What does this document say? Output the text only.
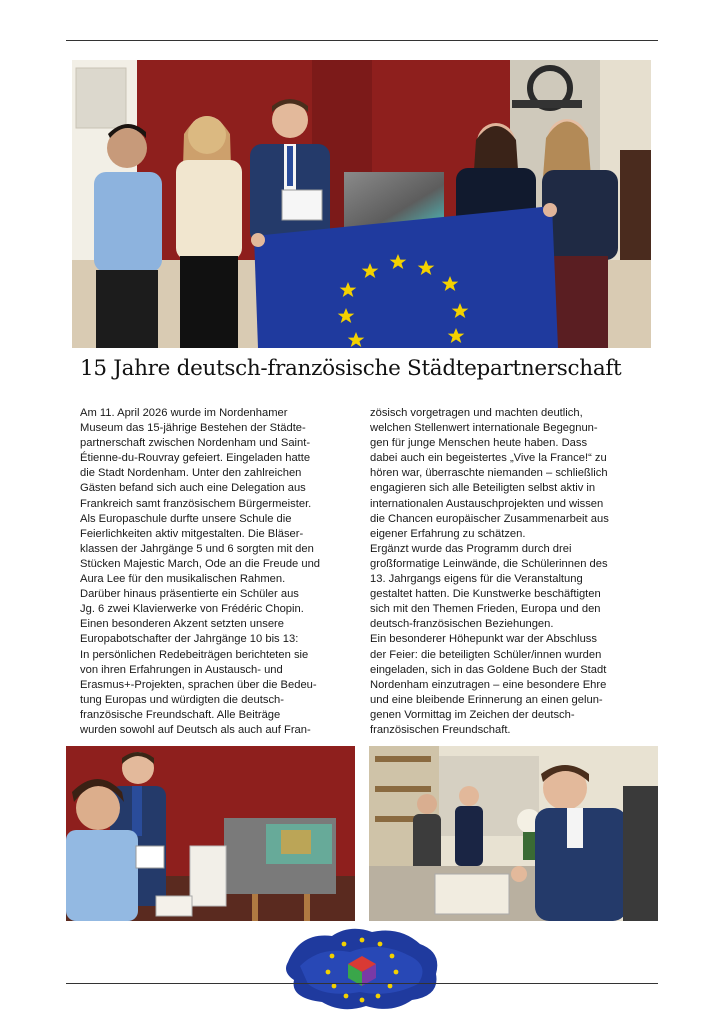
15 Jahre deutsch-französische Städtepartnerschaft

Am 11. April 2026 wurde im Nordenhamer

Museum das 15-jährige Bestehen der Städte-

partnerschaft zwischen Nordenham und Saint-

Étienne-du-Rouvray gefeiert. Eingeladen hatte

die Stadt Nordenham. Unter den zahlreichen

Gästen befand sich auch eine Delegation aus

Frankreich samt französischem Bürgermeister.

Als Europaschule durfte unsere Schule die

Feierlichkeiten aktiv mitgestalten. Die Bläser-

klassen der Jahrgänge 5 und 6 sorgten mit den

Stücken Majestic March, Ode an die Freude und

Aura Lee für den musikalischen Rahmen.

Darüber hinaus präsentierte ein Schüler aus

Jg. 6 zwei Klavierwerke von Frédéric Chopin.

Einen besonderen Akzent setzten unsere

Europabotschafter der Jahrgänge 10 bis 13:

In persönlichen Redebeiträgen berichteten sie

von ihren Erfahrungen in Austausch- und

Erasmus+-Projekten, sprachen über die Bedeu-

tung Europas und würdigten die deutsch-

französische Freundschaft. Alle Beiträge

wurden sowohl auf Deutsch als auch auf Fran-

zösisch vorgetragen und machten deutlich,

welchen Stellenwert internationale Begegnun-

gen für junge Menschen heute haben. Dass

dabei auch ein begeistertes „Vive la France!“ zu

hören war, überraschte niemanden – schließlich

engagieren sich alle Beteiligten selbst aktiv in

internationalen Austauschprojekten und wissen

die Chancen europäischer Zusammenarbeit aus

eigener Erfahrung zu schätzen.

Ergänzt wurde das Programm durch drei

großformatige Leinwände, die Schülerinnen des

13. Jahrgangs eigens für die Veranstaltung

gestaltet hatten. Die Kunstwerke beschäftigten

sich mit den Themen Frieden, Europa und den

deutsch-französischen Beziehungen.

Ein besonderer Höhepunkt war der Abschluss

der Feier: die beteiligten Schüler/innen wurden

eingeladen, sich in das Goldene Buch der Stadt

Nordenham einzutragen – eine besondere Ehre

und eine bleibende Erinnerung an einen gelun-

genen Vormittag im Zeichen der deutsch-

französischen Freundschaft.
